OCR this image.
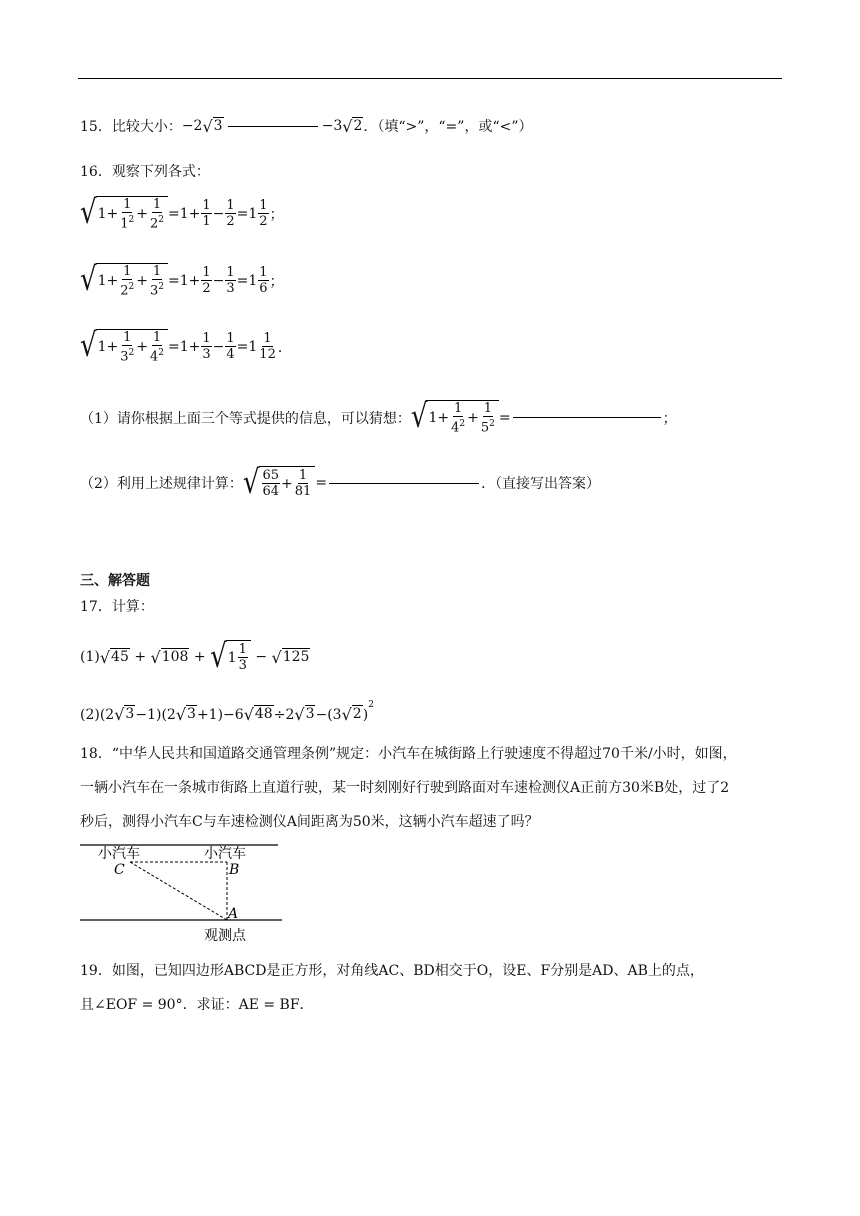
15． 比较大小： −2 √ 3	−3 √ 2 ．（填“>”，“=”，或“<”）
16．观察下列各式：
√ $1+ \frac{1}{1^2} + \frac{1}{2^2} =1+ \frac{1}{1} - \frac{1}{2} =1 \frac{1}{2}$ ；
√ $1+ \frac{1}{2^2} + \frac{1}{3^2} =1+ \frac{1}{2} - \frac{1}{3} =1 \frac{1}{6}$ ；
√ $1+ \frac{1}{3^2} + \frac{1}{4^2} =1+ \frac{1}{3} - \frac{1}{4} =1 \frac{1}{12}$ ．
（1）请你根据上面三个等式提供的信息，可以猜想： √ $1+ \frac{1}{4^2} + \frac{1}{5^2}$ =	；
（2）利用上述规律计算： √ $\frac{65}{64} + \frac{1}{81}$ =	．（直接写出答案）
三、解答题
17．计算：
(1) √ 45 + √ 108 + √ $1 \frac{1}{3}$ − √ 125
(2) (2 √ 3 −1)(2 √ 3 +1)−6 √ 48 ÷2 √ 3 −(3 √ 2 )
$^2$
18．“中华人民共和国道路交通管理条例”规定：小汽车在城街路上行驶速度不得超过70千米/小时，如图，
一辆小汽车在一条城市街路上直道行驶，某一时刻刚好行驶到路面对车速检测仪A正前方30米B处，过了2
秒后，测得小汽车C与车速检测仪A间距离为50米，这辆小汽车超速了吗？
小汽车	小汽车
C	B
A
观测点
19．如图，已知四边形ABCD是正方形，对角线AC、BD相交于O，设E、F分别是AD、AB上的点，
且∠EOF = 90°．求证：AE = BF．
